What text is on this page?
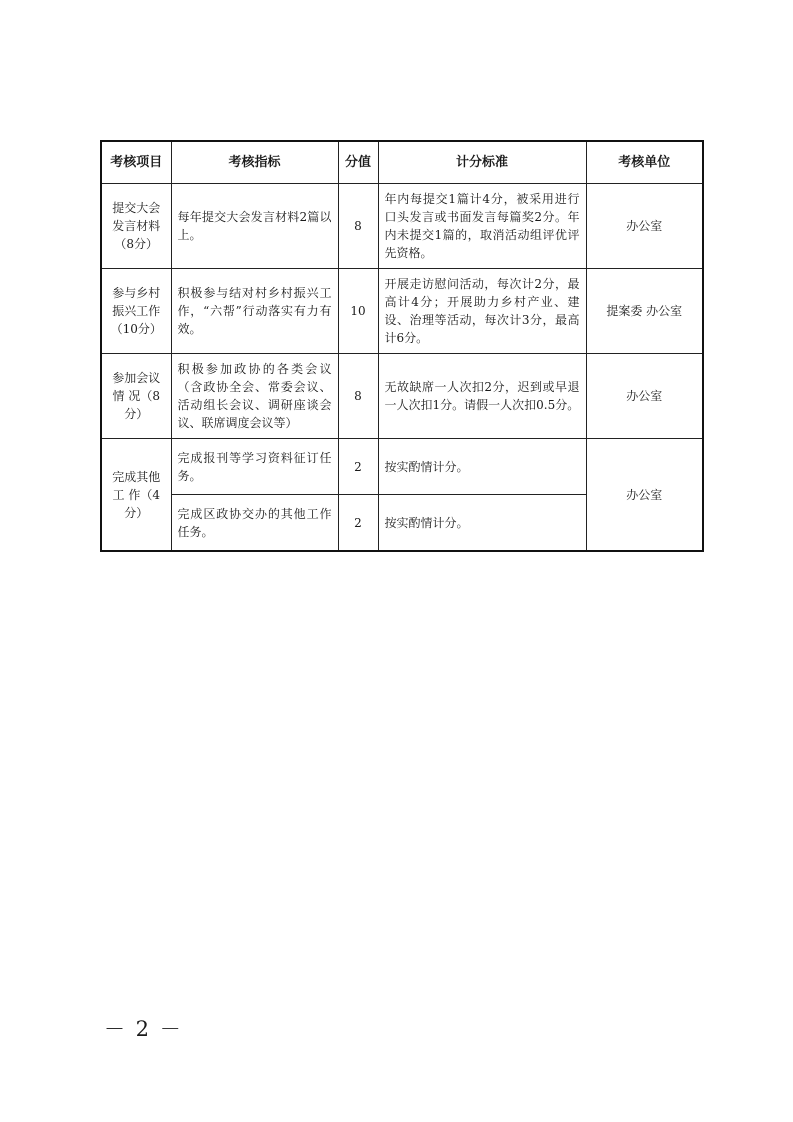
考核项目	考核指标	分值	计分标准	考核单位
提交大会发言材料（8分）	每年提交大会发言材料2篇以上。	8	年内每提交1篇计4分，被采用进行口头发言或书面发言每篇奖2分。年内未提交1篇的，取消活动组评优评先资格。	办公室
参与乡村振兴工作（10分）	积极参与结对村乡村振兴工作，“六帮”行动落实有力有效。	10	开展走访慰问活动，每次计2分，最高计4分；开展助力乡村产业、建设、治理等活动，每次计3分，最高计6分。	提案委 办公室
参加会议情 况（8分）	积极参加政协的各类会议（含政协全会、常委会议、活动组长会议、调研座谈会议、联席调度会议等）	8	无故缺席一人次扣2分，迟到或早退一人次扣1分。请假一人次扣0.5分。	办公室
完成其他工 作（4分）	完成报刊等学习资料征订任务。	2	按实酌情计分。	办公室
	完成区政协交办的其他工作任务。	2	按实酌情计分。	
－ 2 －
